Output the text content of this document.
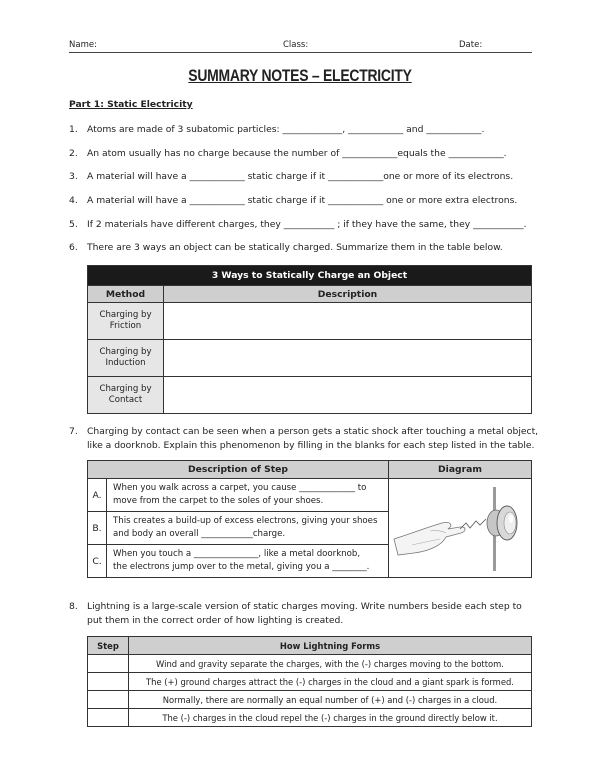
Name:	Class:	Date:
SUMMARY NOTES – ELECTRICITY
Part 1: Static Electricity
1. Atoms are made of 3 subatomic particles: _____________, ____________ and ____________.
2. An atom usually has no charge because the number of ____________equals the ____________.
3. A material will have a ____________ static charge if it ____________one or more of its electrons.
4. A material will have a ____________ static charge if it ____________ one or more extra electrons.
5. If 2 materials have different charges, they ___________ ; if they have the same, they ___________.
6. There are 3 ways an object can be statically charged. Summarize them in the table below.
3 Ways to Statically Charge an Object	
Method	Description

Charging by
Friction	

Charging by
Induction	

Charging by
Contact	

7. Charging by contact can be seen when a person gets a static shock after touching a metal object, like a doorknob. Explain this phenomenon by filling in the blanks for each step listed in the table.
Description of Step		Diagram
A.	When you walk across a carpet, you cause _____________ to
move from the carpet to the soles of your shoes.

B.	This creates a build-up of excess electrons, giving your shoes
and body an overall ____________charge.	

C.	When you touch a _______________, like a metal doorknob,
the electrons jump over to the metal, giving you a ________.	
8. Lightning is a large-scale version of static charges moving. Write numbers beside each step to put them in the correct order of how lighting is created.
Step	How Lightning Forms
	Wind and gravity separate the charges, with the (-) charges moving to the bottom.
	The (+) ground charges attract the (-) charges in the cloud and a giant spark is formed.
	Normally, there are normally an equal number of (+) and (-) charges in a cloud.
	The (-) charges in the cloud repel the (-) charges in the ground directly below it.
